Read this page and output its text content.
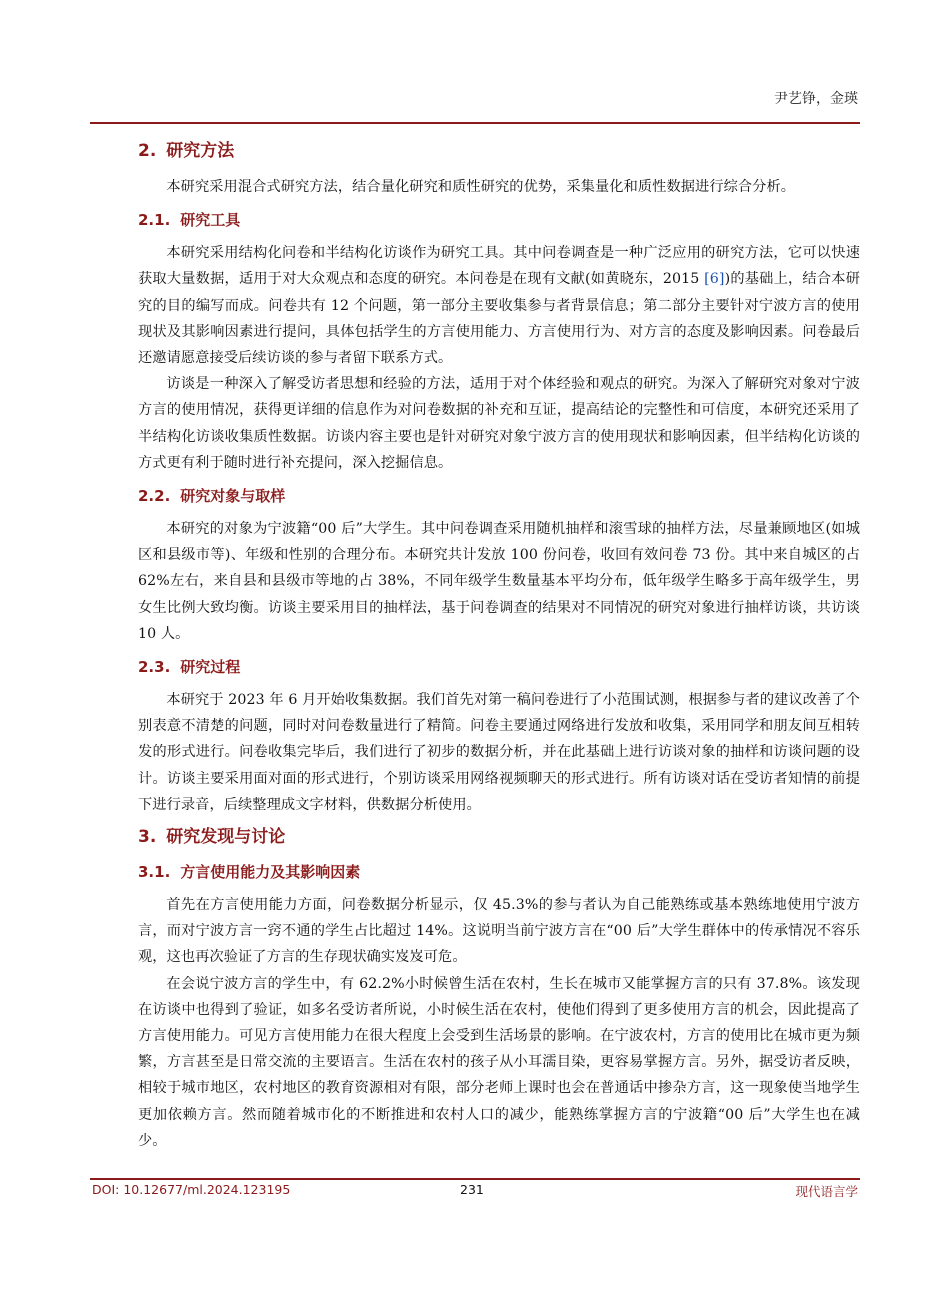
尹艺铮，金瑛
2. 研究方法

本研究采用混合式研究方法，结合量化研究和质性研究的优势，采集量化和质性数据进行综合分析。

2.1. 研究工具

本研究采用结构化问卷和半结构化访谈作为研究工具。其中问卷调查是一种广泛应用的研究方法，它可以快速获取大量数据，适用于对大众观点和态度的研究。本问卷是在现有文献(如黄晓东，2015 [6])的基础上，结合本研究的目的编写而成。问卷共有 12 个问题，第一部分主要收集参与者背景信息；第二部分主要针对宁波方言的使用现状及其影响因素进行提问，具体包括学生的方言使用能力、方言使用行为、对方言的态度及影响因素。问卷最后还邀请愿意接受后续访谈的参与者留下联系方式。

访谈是一种深入了解受访者思想和经验的方法，适用于对个体经验和观点的研究。为深入了解研究对象对宁波方言的使用情况，获得更详细的信息作为对问卷数据的补充和互证，提高结论的完整性和可信度，本研究还采用了半结构化访谈收集质性数据。访谈内容主要也是针对研究对象宁波方言的使用现状和影响因素，但半结构化访谈的方式更有利于随时进行补充提问，深入挖掘信息。

2.2. 研究对象与取样

本研究的对象为宁波籍“00 后”大学生。其中问卷调查采用随机抽样和滚雪球的抽样方法，尽量兼顾地区(如城区和县级市等)、年级和性别的合理分布。本研究共计发放 100 份问卷，收回有效问卷 73 份。其中来自城区的占 62%左右，来自县和县级市等地的占 38%，不同年级学生数量基本平均分布，低年级学生略多于高年级学生，男女生比例大致均衡。访谈主要采用目的抽样法，基于问卷调查的结果对不同情况的研究对象进行抽样访谈，共访谈 10 人。

2.3. 研究过程

本研究于 2023 年 6 月开始收集数据。我们首先对第一稿问卷进行了小范围试测，根据参与者的建议改善了个别表意不清楚的问题，同时对问卷数量进行了精简。问卷主要通过网络进行发放和收集，采用同学和朋友间互相转发的形式进行。问卷收集完毕后，我们进行了初步的数据分析，并在此基础上进行访谈对象的抽样和访谈问题的设计。访谈主要采用面对面的形式进行，个别访谈采用网络视频聊天的形式进行。所有访谈对话在受访者知情的前提下进行录音，后续整理成文字材料，供数据分析使用。

3. 研究发现与讨论
3.1. 方言使用能力及其影响因素

首先在方言使用能力方面，问卷数据分析显示，仅 45.3%的参与者认为自己能熟练或基本熟练地使用宁波方言，而对宁波方言一窍不通的学生占比超过 14%。这说明当前宁波方言在“00 后”大学生群体中的传承情况不容乐观，这也再次验证了方言的生存现状确实岌岌可危。

在会说宁波方言的学生中，有 62.2%小时候曾生活在农村，生长在城市又能掌握方言的只有 37.8%。该发现在访谈中也得到了验证，如多名受访者所说，小时候生活在农村，使他们得到了更多使用方言的机会，因此提高了方言使用能力。可见方言使用能力在很大程度上会受到生活场景的影响。在宁波农村，方言的使用比在城市更为频繁，方言甚至是日常交流的主要语言。生活在农村的孩子从小耳濡目染，更容易掌握方言。另外，据受访者反映，相较于城市地区，农村地区的教育资源相对有限，部分老师上课时也会在普通话中掺杂方言，这一现象使当地学生更加依赖方言。然而随着城市化的不断推进和农村人口的减少，能熟练掌握方言的宁波籍“00 后”大学生也在减少。

DOI: 10.12677/ml.2024.123195	231	现代语言学
